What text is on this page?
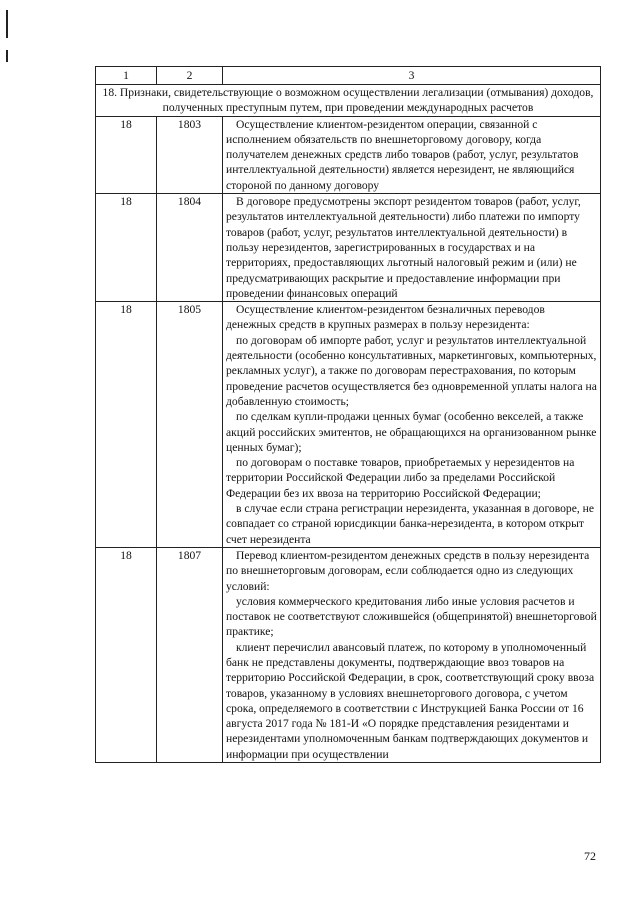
1	2	3
18. Признаки, свидетельствующие о возможном осуществлении легализации (отмывания) доходов, полученных преступным путем, при проведении международных расчетов		
18	1803	Осуществление клиентом-резидентом операции, связанной с исполнением обязательств по внешнеторговому договору, когда получателем денежных средств либо товаров (работ, услуг, результатов интеллектуальной деятельности) является нерезидент, не являющийся стороной по данному договору

18	1804	В договоре предусмотрены экспорт резидентом товаров (работ, услуг, результатов интеллектуальной деятельности) либо платежи по импорту товаров (работ, услуг, результатов интеллектуальной деятельности) в пользу нерезидентов, зарегистрированных в государствах и на территориях, предоставляющих льготный налоговый режим и (или) не предусматривающих раскрытие и предоставление информации при проведении финансовых операций

18	1805	Осуществление клиентом-резидентом безналичных переводов денежных средств в крупных размерах в пользу нерезидента:

по договорам об импорте работ, услуг и результатов интеллектуальной деятельности (особенно консультативных, маркетинговых, компьютерных, рекламных услуг), а также по договорам перестрахования, по которым проведение расчетов осуществляется без одновременной уплаты налога на добавленную стоимость;

по сделкам купли-продажи ценных бумаг (особенно векселей, а также акций российских эмитентов, не обращающихся на организованном рынке ценных бумаг);

по договорам о поставке товаров, приобретаемых у нерезидентов на территории Российской Федерации либо за пределами Российской Федерации без их ввоза на территорию Российской Федерации;

в случае если страна регистрации нерезидента, указанная в договоре, не совпадает со страной юрисдикции банка-нерезидента, в котором открыт счет нерезидента

18	1807	Перевод клиентом-резидентом денежных средств в пользу нерезидента по внешнеторговым договорам, если соблюдается одно из следующих условий:

условия коммерческого кредитования либо иные условия расчетов и поставок не соответствуют сложившейся (общепринятой) внешнеторговой практике;

клиент перечислил авансовый платеж, по которому в уполномоченный банк не представлены документы, подтверждающие ввоз товаров на территорию Российской Федерации, в срок, соответствующий сроку ввоза товаров, указанному в условиях внешнеторгового договора, с учетом срока, определяемого в соответствии с Инструкцией Банка России от 16 августа 2017 года № 181-И «О порядке представления резидентами и нерезидентами уполномоченным банкам подтверждающих документов и информации при осуществлении

72
